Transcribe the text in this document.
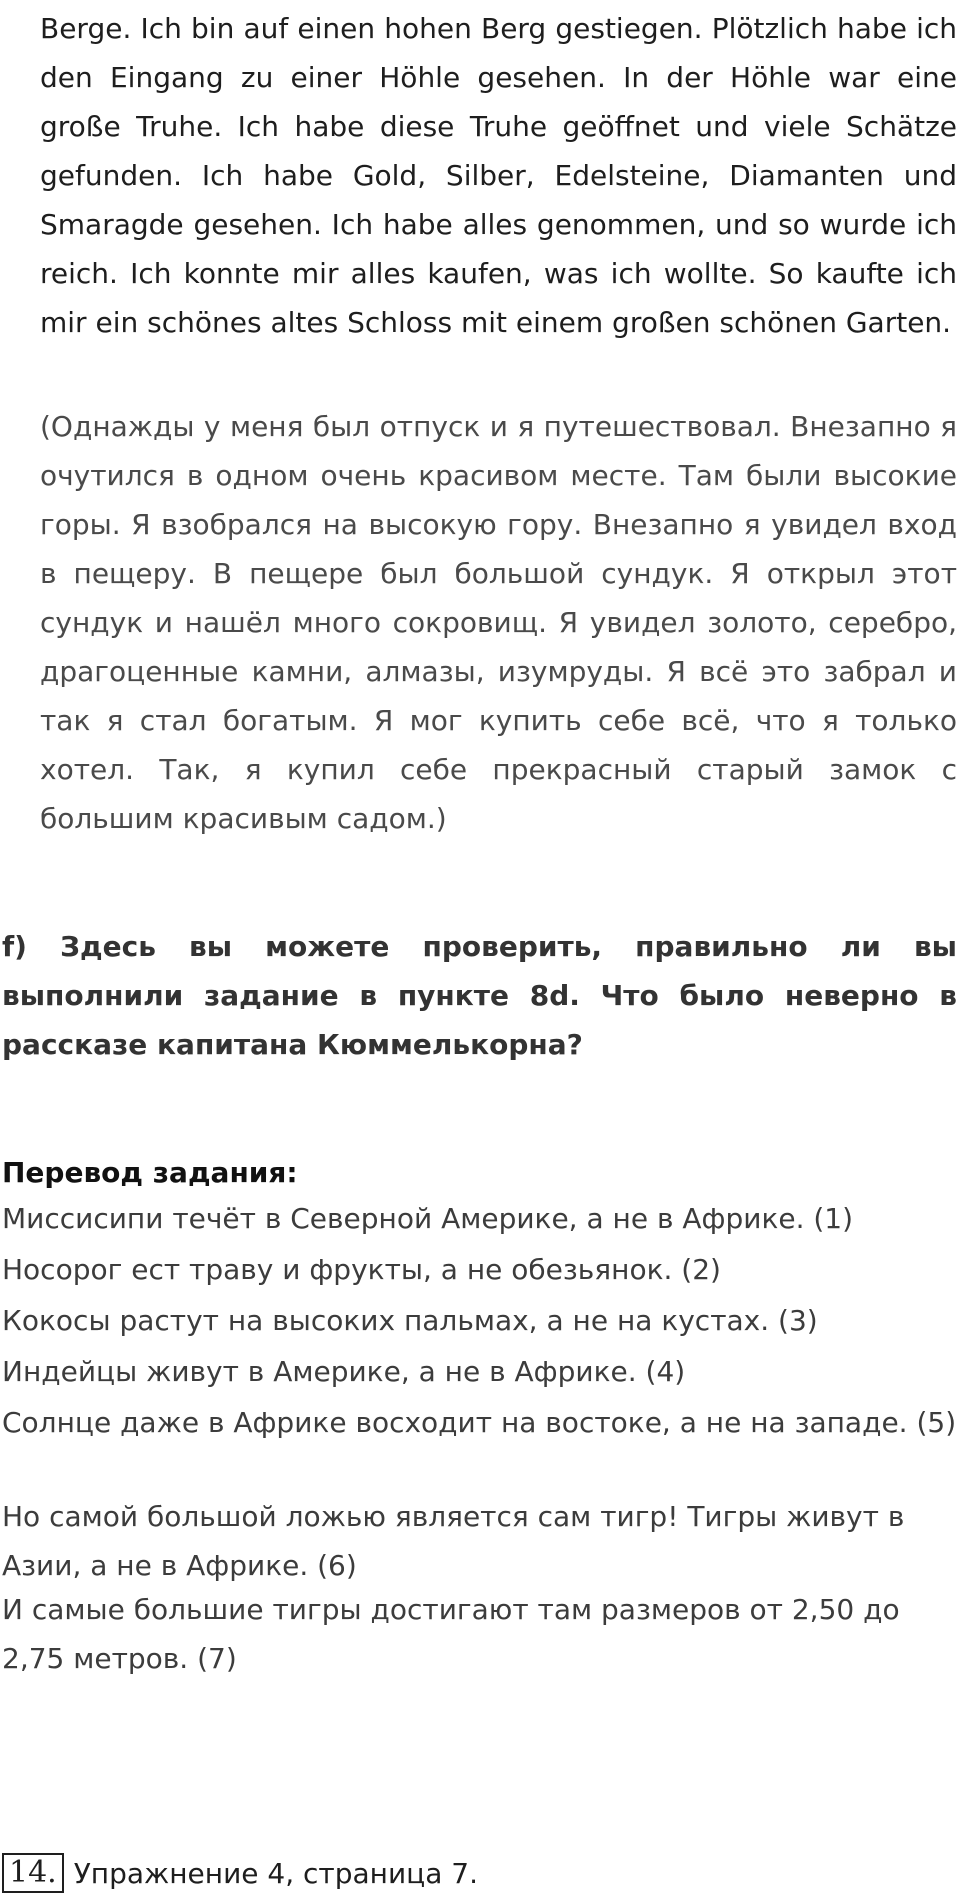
Berge. Ich bin auf einen hohen Berg gestiegen. Plötzlich habe ich den Eingang zu einer Höhle gesehen. In der Höhle war eine große Truhe. Ich habe diese Truhe geöffnet und viele Schätze gefunden. Ich habe Gold, Silber, Edelsteine, Diamanten und Smaragde gesehen. Ich habe alles genommen, und so wurde ich reich. Ich konnte mir alles kaufen, was ich wollte. So kaufte ich mir ein schönes altes Schloss mit einem großen schönen Garten.

(Однажды у меня был отпуск и я путешествовал. Внезапно я очутился в одном очень красивом месте. Там были высокие горы. Я взобрался на высокую гору. Внезапно я увидел вход в пещеру. В пещере был большой сундук. Я открыл этот сундук и нашёл много сокровищ. Я увидел золото, серебро, драгоценные камни, алмазы, изумруды. Я всё это забрал и так я стал богатым. Я мог купить себе всё, что я только хотел. Так, я купил себе прекрасный старый замок с большим красивым садом.)

f) Здесь вы можете проверить, правильно ли вы выполнили задание в пункте 8d. Что было неверно в рассказе капитана Кюммелькорна?

Перевод задания:

Миссисипи течёт в Северной Америке, а не в Африке. (1)

Носорог ест траву и фрукты, а не обезьянок. (2)

Кокосы растут на высоких пальмах, а не на кустах. (3)

Индейцы живут в Америке, а не в Африке. (4)

Солнце даже в Африке восходит на востоке, а не на западе. (5)

Но самой большой ложью является сам тигр! Тигры живут в Азии, а не в Африке. (6)

И самые большие тигры достигают там размеров от 2,50 до 2,75 метров. (7)

14. Упражнение 4, страница 7.
